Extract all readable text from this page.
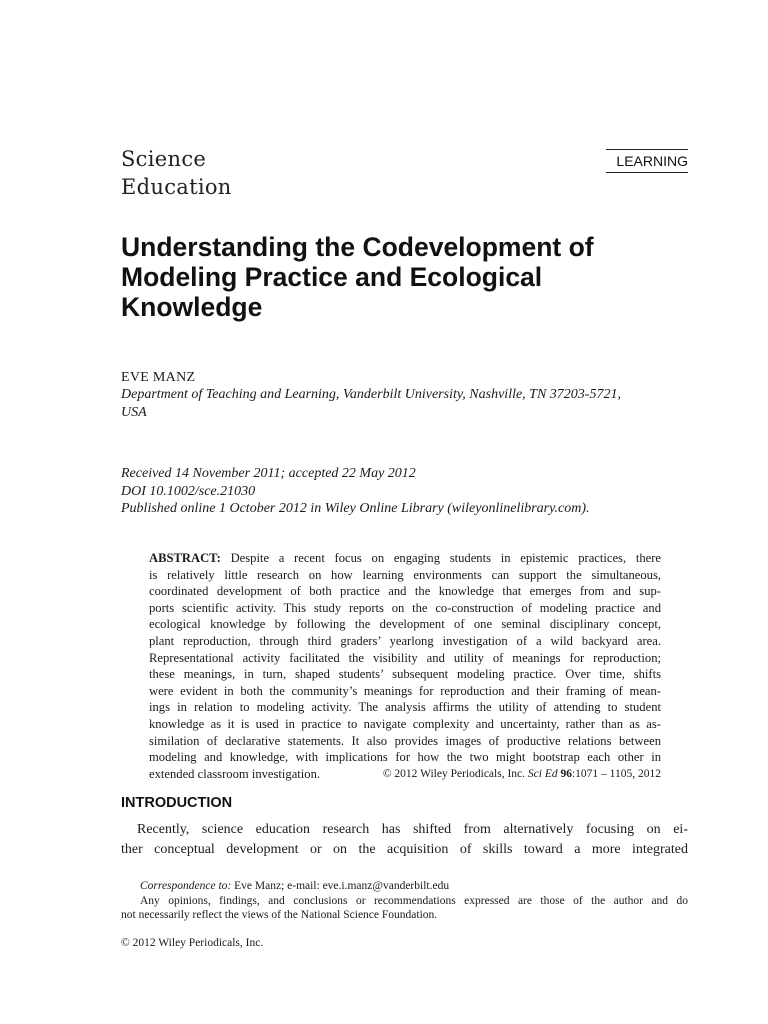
Science
Education
LEARNING
Understanding the Codevelopment of
Modeling Practice and Ecological
Knowledge
EVE MANZ
Department of Teaching and Learning, Vanderbilt University, Nashville, TN 37203-5721,
USA
Received 14 November 2011; accepted 22 May 2012
DOI 10.1002/sce.21030
Published online 1 October 2012 in Wiley Online Library (wileyonlinelibrary.com).
ABSTRACT: Despite a recent focus on engaging students in epistemic practices, there
is relatively little research on how learning environments can support the simultaneous,
coordinated development of both practice and the knowledge that emerges from and sup-
ports scientific activity. This study reports on the co-construction of modeling practice and
ecological knowledge by following the development of one seminal disciplinary concept,
plant reproduction, through third graders’ yearlong investigation of a wild backyard area.
Representational activity facilitated the visibility and utility of meanings for reproduction;
these meanings, in turn, shaped students’ subsequent modeling practice. Over time, shifts
were evident in both the community’s meanings for reproduction and their framing of mean-
ings in relation to modeling activity. The analysis affirms the utility of attending to student
knowledge as it is used in practice to navigate complexity and uncertainty, rather than as as-
similation of declarative statements. It also provides images of productive relations between
modeling and knowledge, with implications for how the two might bootstrap each other in
extended classroom investigation.	© 2012 Wiley Periodicals, Inc. Sci Ed 96:1071 – 1105, 2012
INTRODUCTION
Recently, science education research has shifted from alternatively focusing on ei-
ther conceptual development or on the acquisition of skills toward a more integrated
Correspondence to: Eve Manz; e-mail: eve.i.manz@vanderbilt.edu
Any opinions, findings, and conclusions or recommendations expressed are those of the author and do
not necessarily reflect the views of the National Science Foundation.
© 2012 Wiley Periodicals, Inc.
